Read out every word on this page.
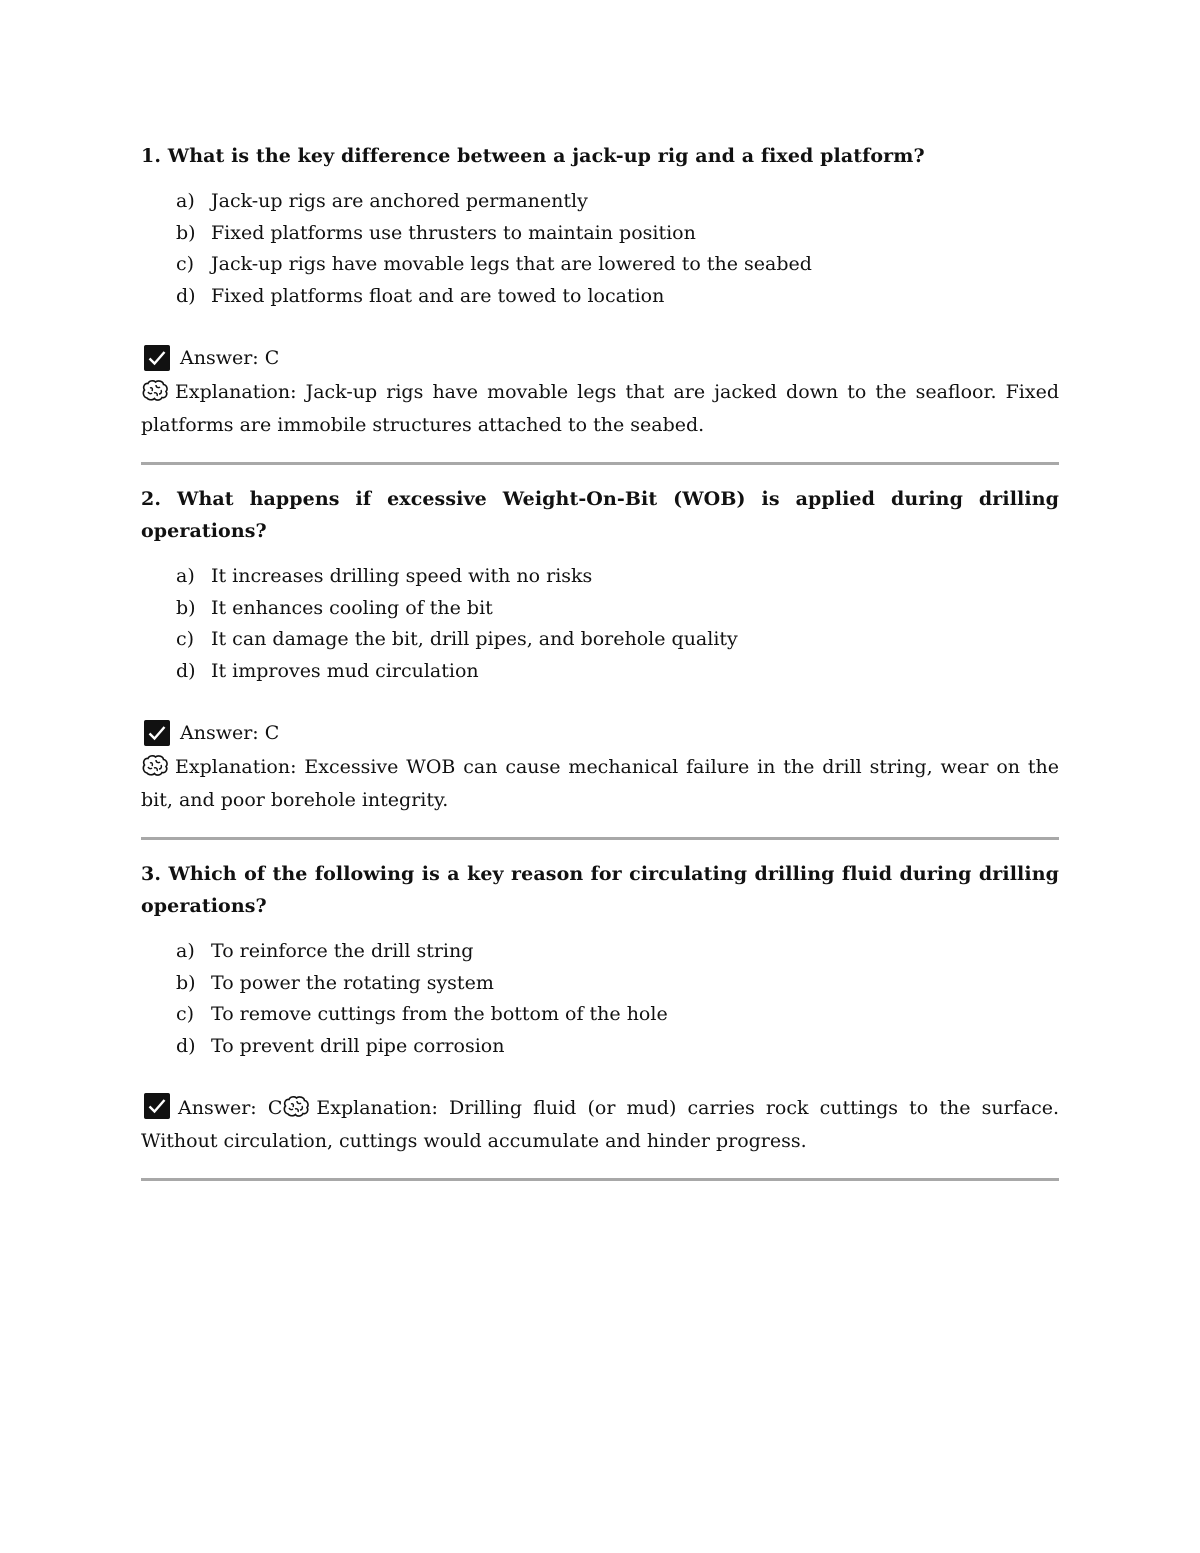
1. What is the key difference between a jack-up rig and a fixed platform?

a) Jack-up rigs are anchored permanently
b) Fixed platforms use thrusters to maintain position
c) Jack-up rigs have movable legs that are lowered to the seabed
d) Fixed platforms float and are towed to location
Answer: C

Explanation: Jack-up rigs have movable legs that are jacked down to the seafloor. Fixed platforms are immobile structures attached to the seabed.

2. What happens if excessive Weight-On-Bit (WOB) is applied during drilling operations?

a) It increases drilling speed with no risks
b) It enhances cooling of the bit
c) It can damage the bit, drill pipes, and borehole quality
d) It improves mud circulation
Answer: C

Explanation: Excessive WOB can cause mechanical failure in the drill string, wear on the bit, and poor borehole integrity.

3. Which of the following is a key reason for circulating drilling fluid during drilling operations?

a) To reinforce the drill string
b) To power the rotating system
c) To remove cuttings from the bottom of the hole
d) To prevent drill pipe corrosion

Answer: C Explanation: Drilling fluid (or mud) carries rock cuttings to the surface. Without circulation, cuttings would accumulate and hinder progress.
